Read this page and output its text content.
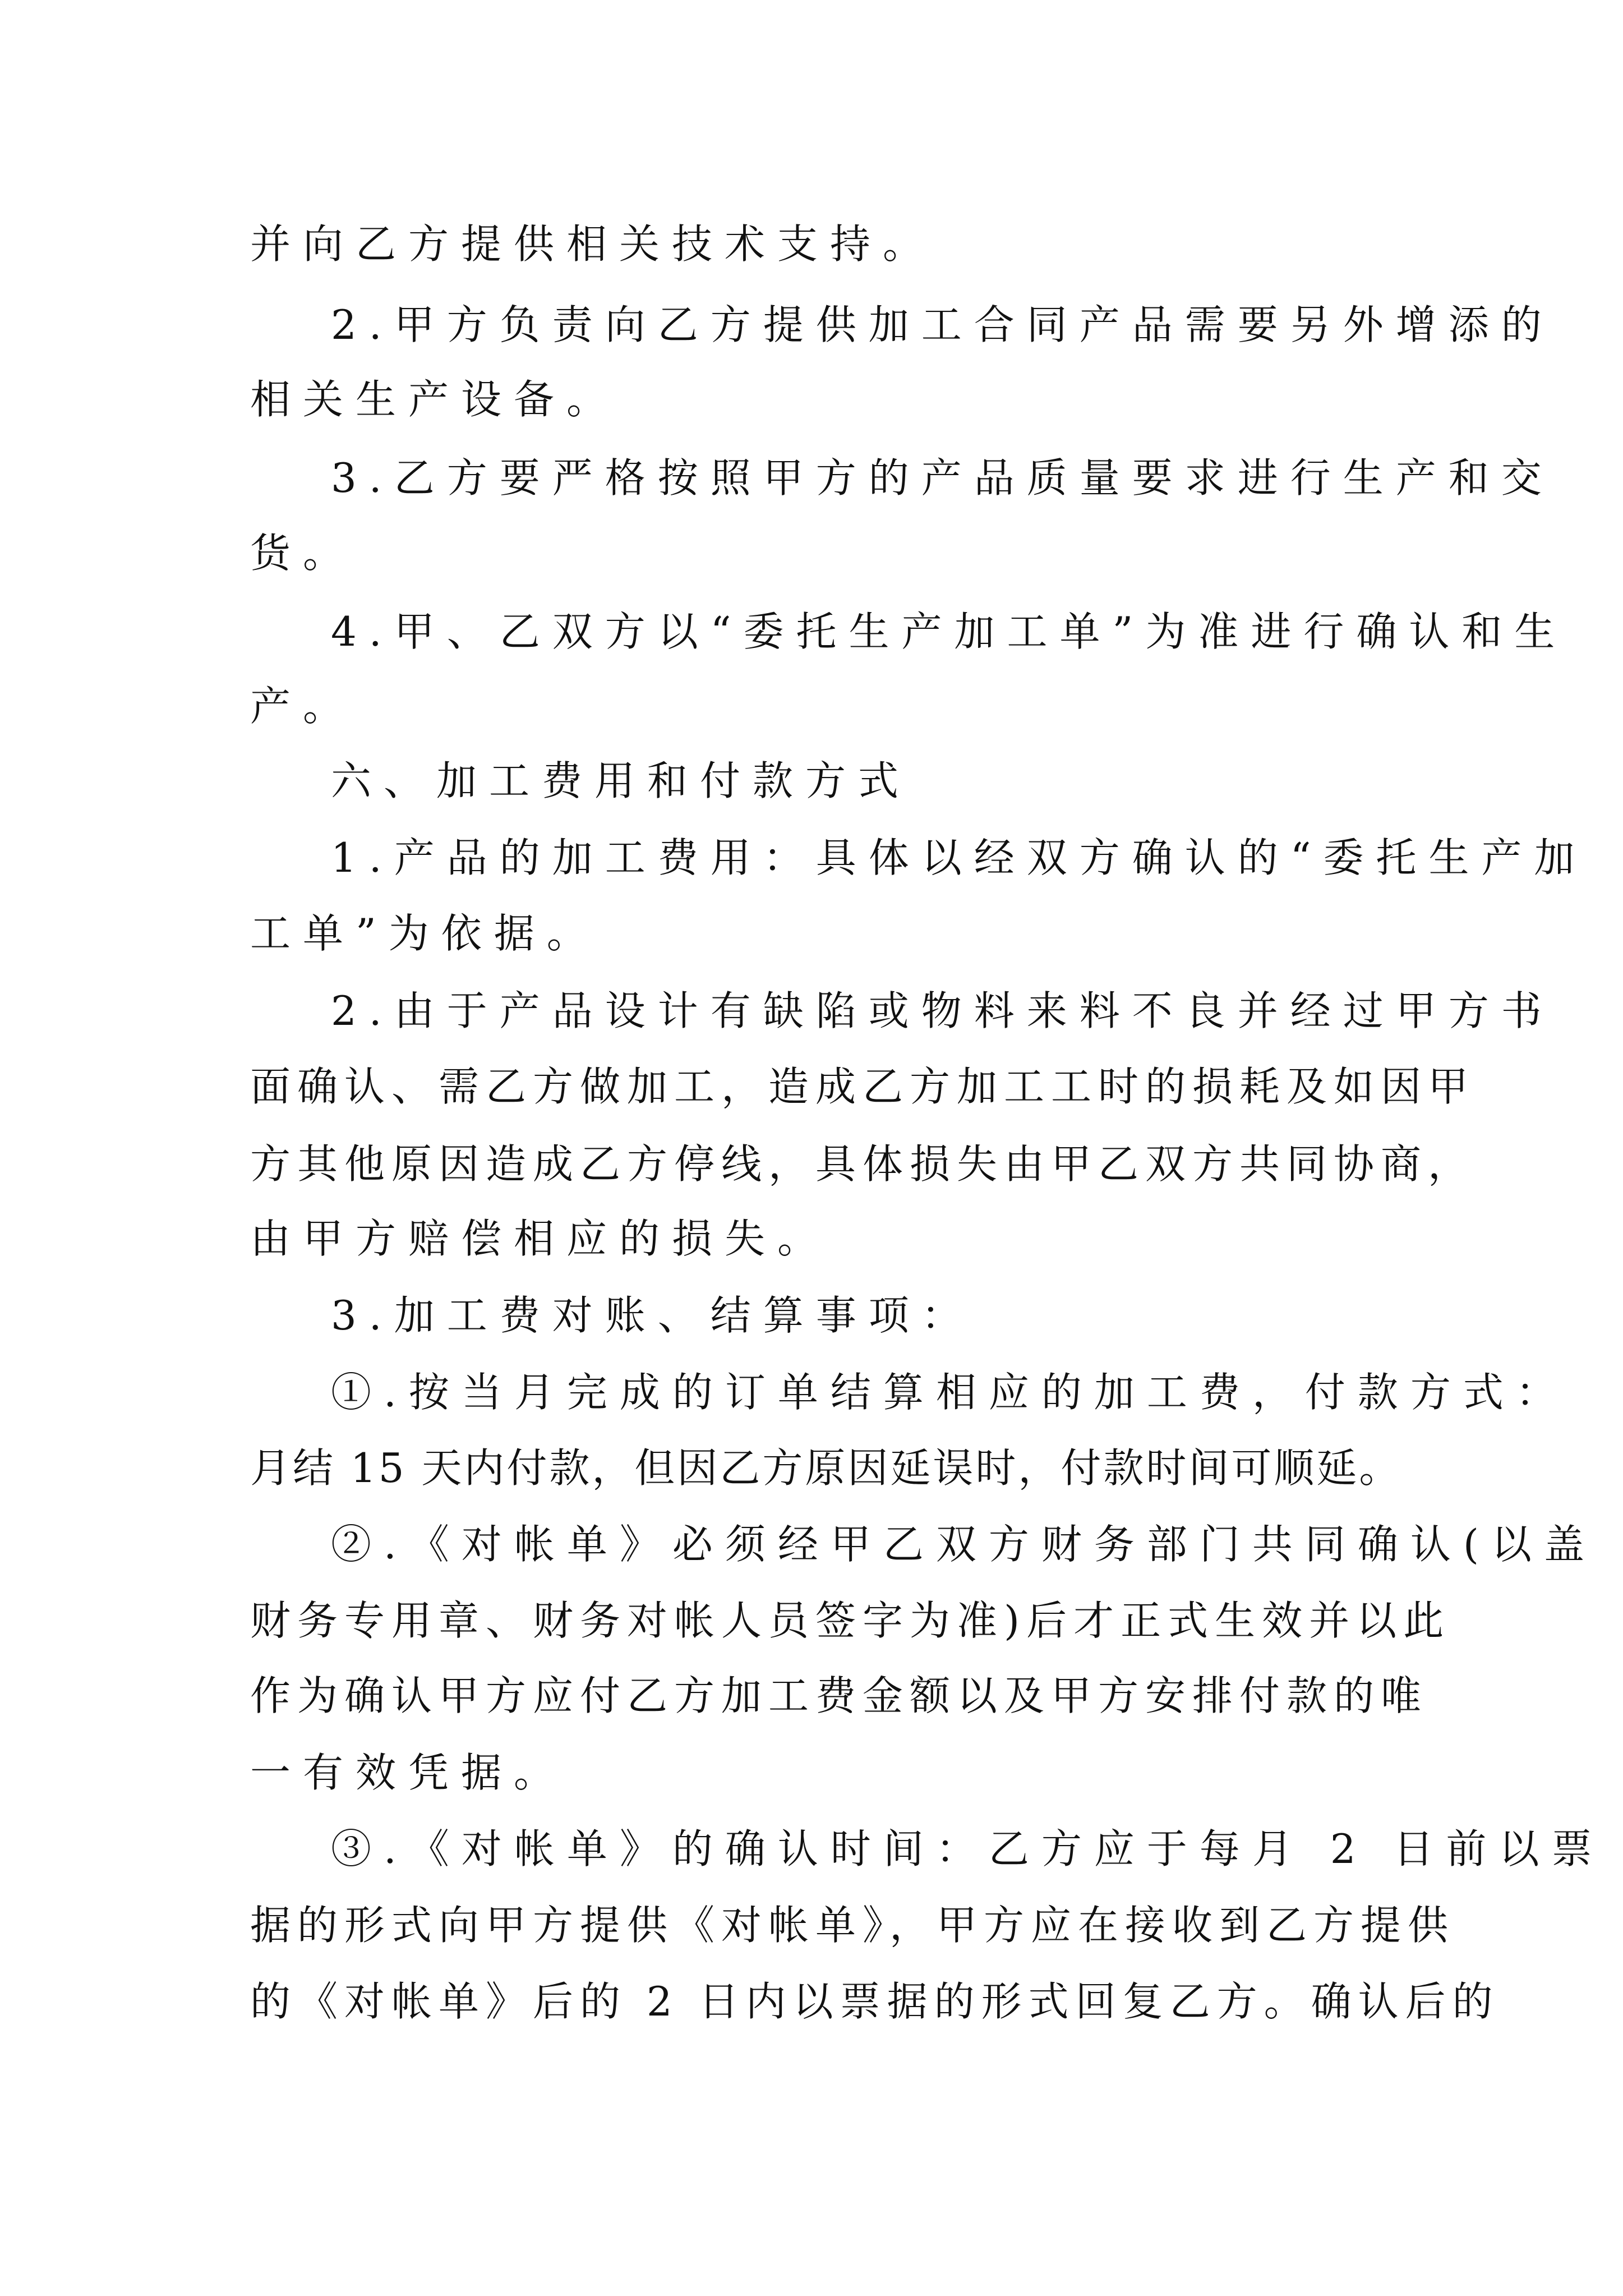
并向乙方提供相关技术支持。

2.甲方负责向乙方提供加工合同产品需要另外增添的

相关生产设备。

3.乙方要严格按照甲方的产品质量要求进行生产和交

货。

4.甲、乙双方以“委托生产加工单”为准进行确认和生

产。

六、加工费用和付款方式

1.产品的加工费用：具体以经双方确认的“委托生产加

工单”为依据。

2.由于产品设计有缺陷或物料来料不良并经过甲方书

面确认、需乙方做加工，造成乙方加工工时的损耗及如因甲

方其他原因造成乙方停线，具体损失由甲乙双方共同协商，

由甲方赔偿相应的损失。

3.加工费对账、结算事项：

①.按当月完成的订单结算相应的加工费，付款方式：

月结 15 天内付款，但因乙方原因延误时，付款时间可顺延。

②.《对帐单》必须经甲乙双方财务部门共同确认(以盖

财务专用章、财务对帐人员签字为准)后才正式生效并以此

作为确认甲方应付乙方加工费金额以及甲方安排付款的唯

一有效凭据。

③.《对帐单》的确认时间：乙方应于每月 2 日前以票

据的形式向甲方提供《对帐单》，甲方应在接收到乙方提供

的《对帐单》后的 2 日内以票据的形式回复乙方。确认后的
